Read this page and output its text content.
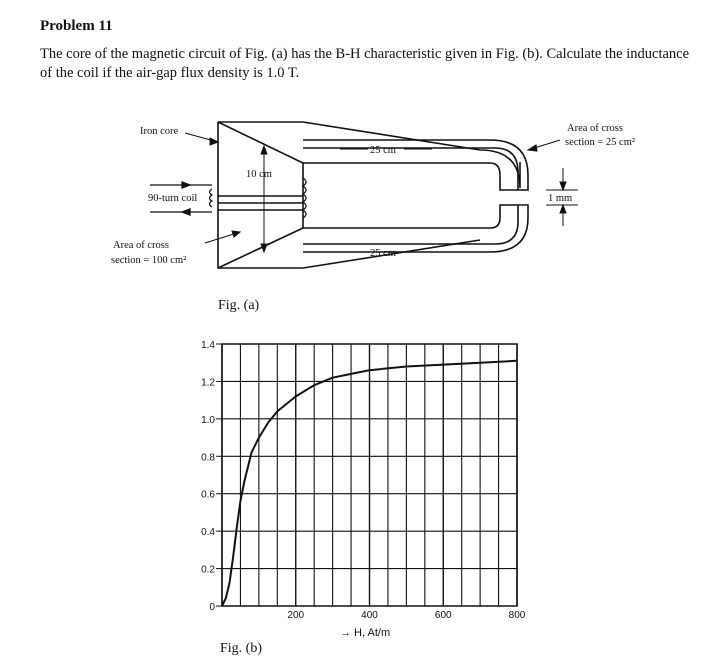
Problem 11
The core of the magnetic circuit of Fig. (a) has the B-H characteristic given in Fig. (b). Calculate the inductance of the coil if the air-gap flux density is 1.0 T.
Iron core
90-turn coil
Area of cross
section = 100 cm²
Area of cross
section = 25 cm²
25 cm
25 cm
10 cm
1 mm
Fig. (a)
0
0.2
0.4
0.6
0.8
1.0
1.2
1.4
200	400	600	800
→ H, At/m
Fig. (b)
